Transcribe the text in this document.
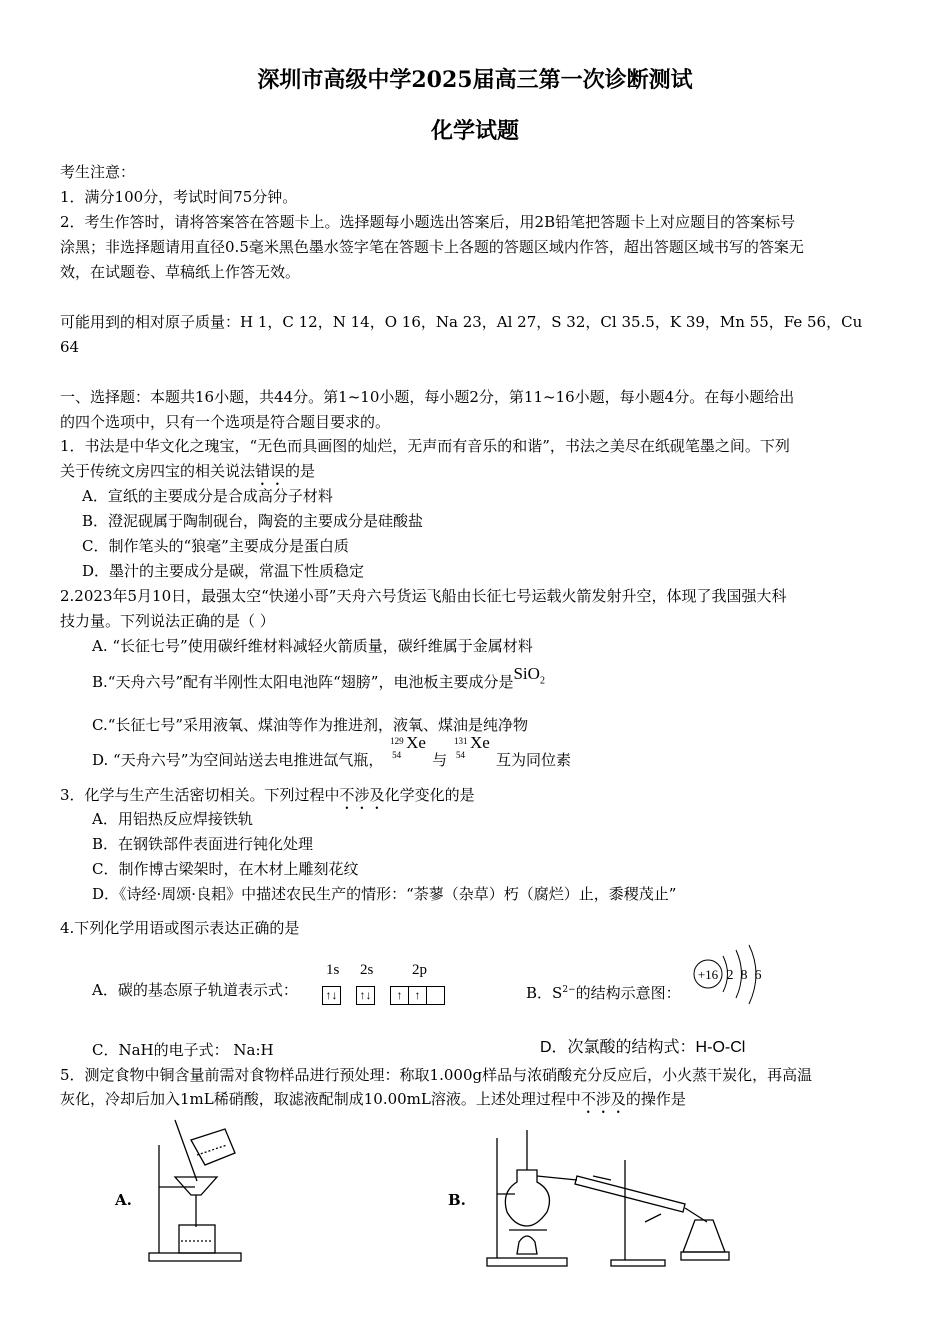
深圳市高级中学2025届高三第一次诊断测试
化学试题
考生注意：
1．满分100分，考试时间75分钟。
2．考生作答时，请将答案答在答题卡上。选择题每小题选出答案后，用2B铅笔把答题卡上对应题目的答案标号
涂黑；非选择题请用直径0.5毫米黑色墨水签字笔在答题卡上各题的答题区域内作答，超出答题区域书写的答案无
效，在试题卷、草稿纸上作答无效。
可能用到的相对原子质量：H 1，C 12，N 14，O 16，Na 23，Al 27，S 32，Cl 35.5，K 39，Mn 55，Fe 56，Cu
64
一、选择题：本题共16小题，共44分。第1~10小题，每小题2分，第11~16小题，每小题4分。在每小题给出
的四个选项中，只有一个选项是符合题目要求的。
1．书法是中华文化之瑰宝，“无色而具画图的灿烂，无声而有音乐的和谐”，书法之美尽在纸砚笔墨之间。下列
关于传统文房四宝的相关说法错误的是
A．宣纸的主要成分是合成高分子材料
B．澄泥砚属于陶制砚台，陶瓷的主要成分是硅酸盐
C．制作笔头的“狼毫”主要成分是蛋白质
D．墨汁的主要成分是碳，常温下性质稳定
2.2023年5月10日，最强太空“快递小哥”天舟六号货运飞船由长征七号运载火箭发射升空，体现了我国强大科
技力量。下列说法正确的是（ ）
A. “长征七号”使用碳纤维材料减轻火箭质量，碳纤维属于金属材料
B.“天舟六号”配有半刚性太阳电池阵“翅膀”，电池板主要成分是SiO$_2$
C.“长征七号”采用液氧、煤油等作为推进剂，液氧、煤油是纯净物
D. “天舟六号”为空间站送去电推进氙气瓶，
129
54
Xe
与
131
54
Xe
互为同位素
3．化学与生产生活密切相关。下列过程中不涉及化学变化的是
A．用铝热反应焊接铁轨
B．在钢铁部件表面进行钝化处理
C．制作博古梁架时，在木材上雕刻花纹
D．《诗经·周颂·良耜》中描述农民生产的情形：“荼蓼（杂草）朽（腐烂）止，黍稷茂止”
4.下列化学用语或图示表达正确的是
A．碳的基态原子轨道表示式：
1s 2s	2p
↑↓ ↑↓	↑	↑	B．$S^{2-}$的结构示意图：
+16 2 8 6
C．NaH的电子式： Na:H	D．次氯酸的结构式：H-O-Cl
5．测定食物中铜含量前需对食物样品进行预处理：称取1.000g样品与浓硝酸充分反应后，小火蒸干炭化，再高温
灰化，冷却后加入1mL稀硝酸，取滤液配制成10.00mL溶液。上述处理过程中不涉及的操作是
A.	B.
